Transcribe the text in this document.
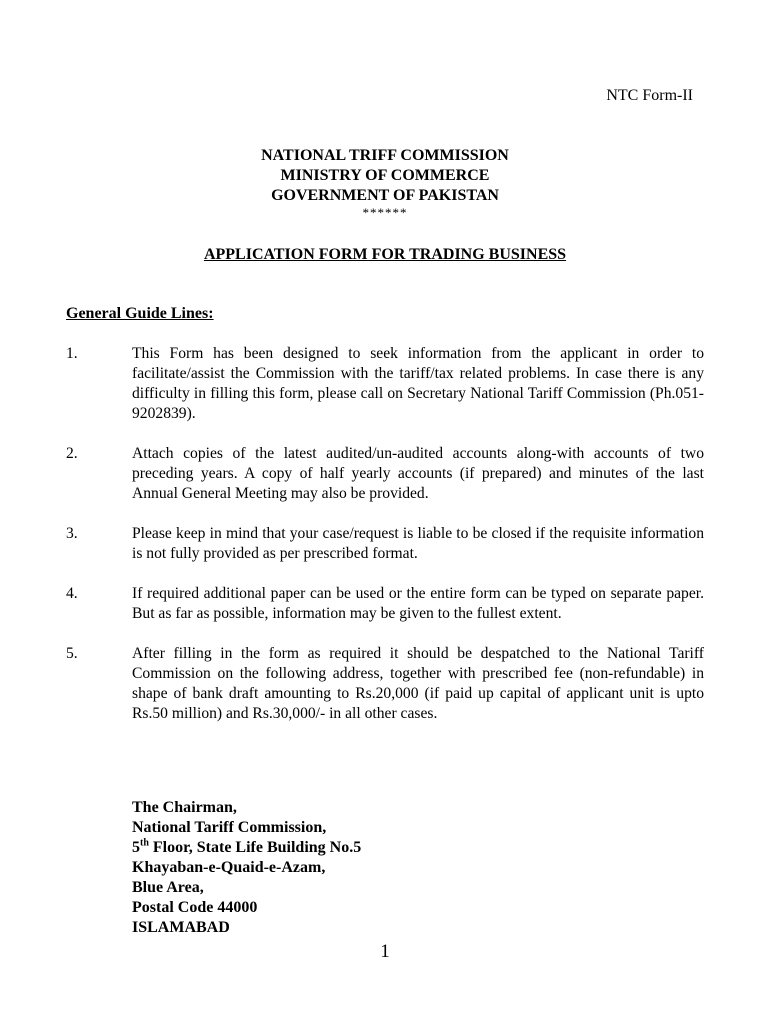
NTC Form-II
NATIONAL TRIFF COMMISSION
MINISTRY OF COMMERCE
GOVERNMENT OF PAKISTAN
******
APPLICATION FORM FOR TRADING BUSINESS
General Guide Lines:
1.	This Form has been designed to seek information from the applicant in order to facilitate/assist the Commission with the tariff/tax related problems. In case there is any difficulty in filling this form, please call on Secretary National Tariff Commission (Ph.051-9202839).
2.	Attach copies of the latest audited/un-audited accounts along-with accounts of two preceding years. A copy of half yearly accounts (if prepared) and minutes of the last Annual General Meeting may also be provided.
3.	Please keep in mind that your case/request is liable to be closed if the requisite information is not fully provided as per prescribed format.
4.	If required additional paper can be used or the entire form can be typed on separate paper. But as far as possible, information may be given to the fullest extent.
5.	After filling in the form as required it should be despatched to the National Tariff Commission on the following address, together with prescribed fee (non-refundable) in shape of bank draft amounting to Rs.20,000 (if paid up capital of applicant unit is upto Rs.50 million) and Rs.30,000/- in all other cases.
The Chairman,
National Tariff Commission,
5th Floor, State Life Building No.5
Khayaban-e-Quaid-e-Azam,
Blue Area,
Postal Code 44000
ISLAMABAD
1
